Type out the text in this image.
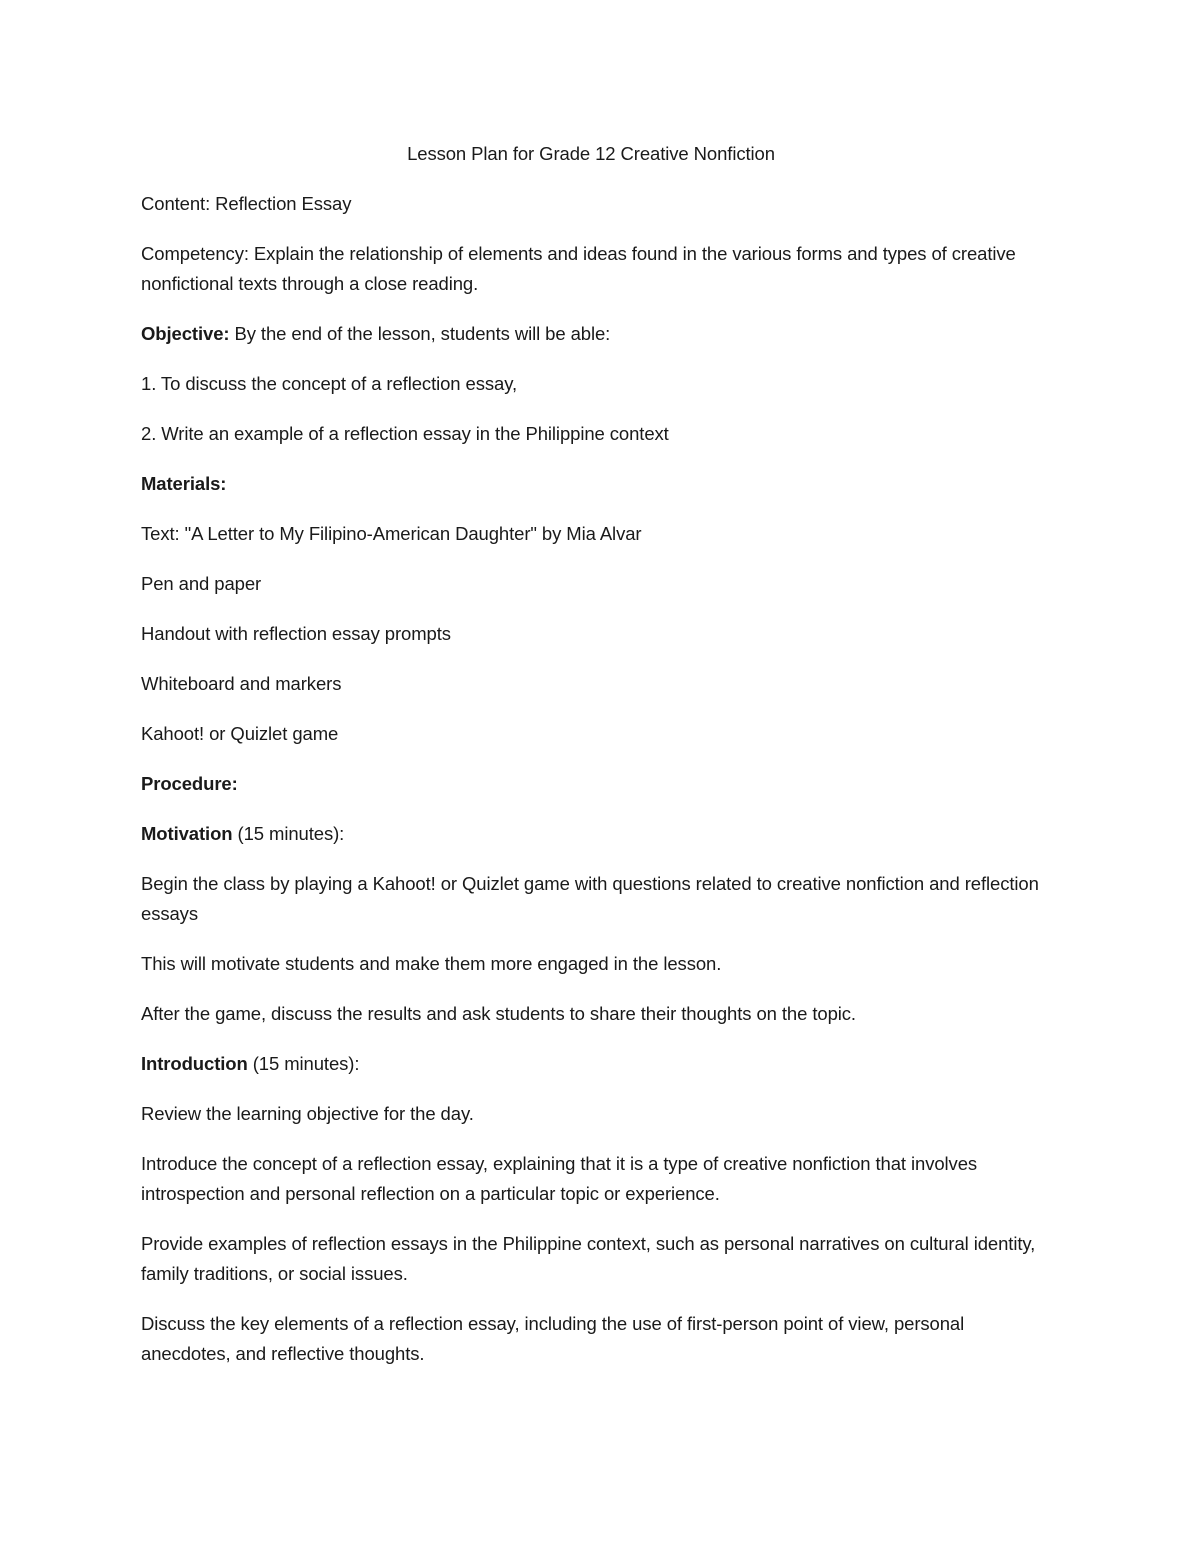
Lesson Plan for Grade 12 Creative Nonfiction

Content: Reflection Essay

Competency: Explain the relationship of elements and ideas found in the various forms and types of creative nonfictional texts through a close reading.

Objective: By the end of the lesson, students will be able:

1. To discuss the concept of a reflection essay,

2. Write an example of a reflection essay in the Philippine context

Materials:

Text: "A Letter to My Filipino-American Daughter" by Mia Alvar

Pen and paper

Handout with reflection essay prompts

Whiteboard and markers

Kahoot! or Quizlet game

Procedure:

Motivation (15 minutes):

Begin the class by playing a Kahoot! or Quizlet game with questions related to creative nonfiction and reflection essays

This will motivate students and make them more engaged in the lesson.

After the game, discuss the results and ask students to share their thoughts on the topic.

Introduction (15 minutes):

Review the learning objective for the day.

Introduce the concept of a reflection essay, explaining that it is a type of creative nonfiction that involves introspection and personal reflection on a particular topic or experience.

Provide examples of reflection essays in the Philippine context, such as personal narratives on cultural identity, family traditions, or social issues.

Discuss the key elements of a reflection essay, including the use of first-person point of view, personal anecdotes, and reflective thoughts.
